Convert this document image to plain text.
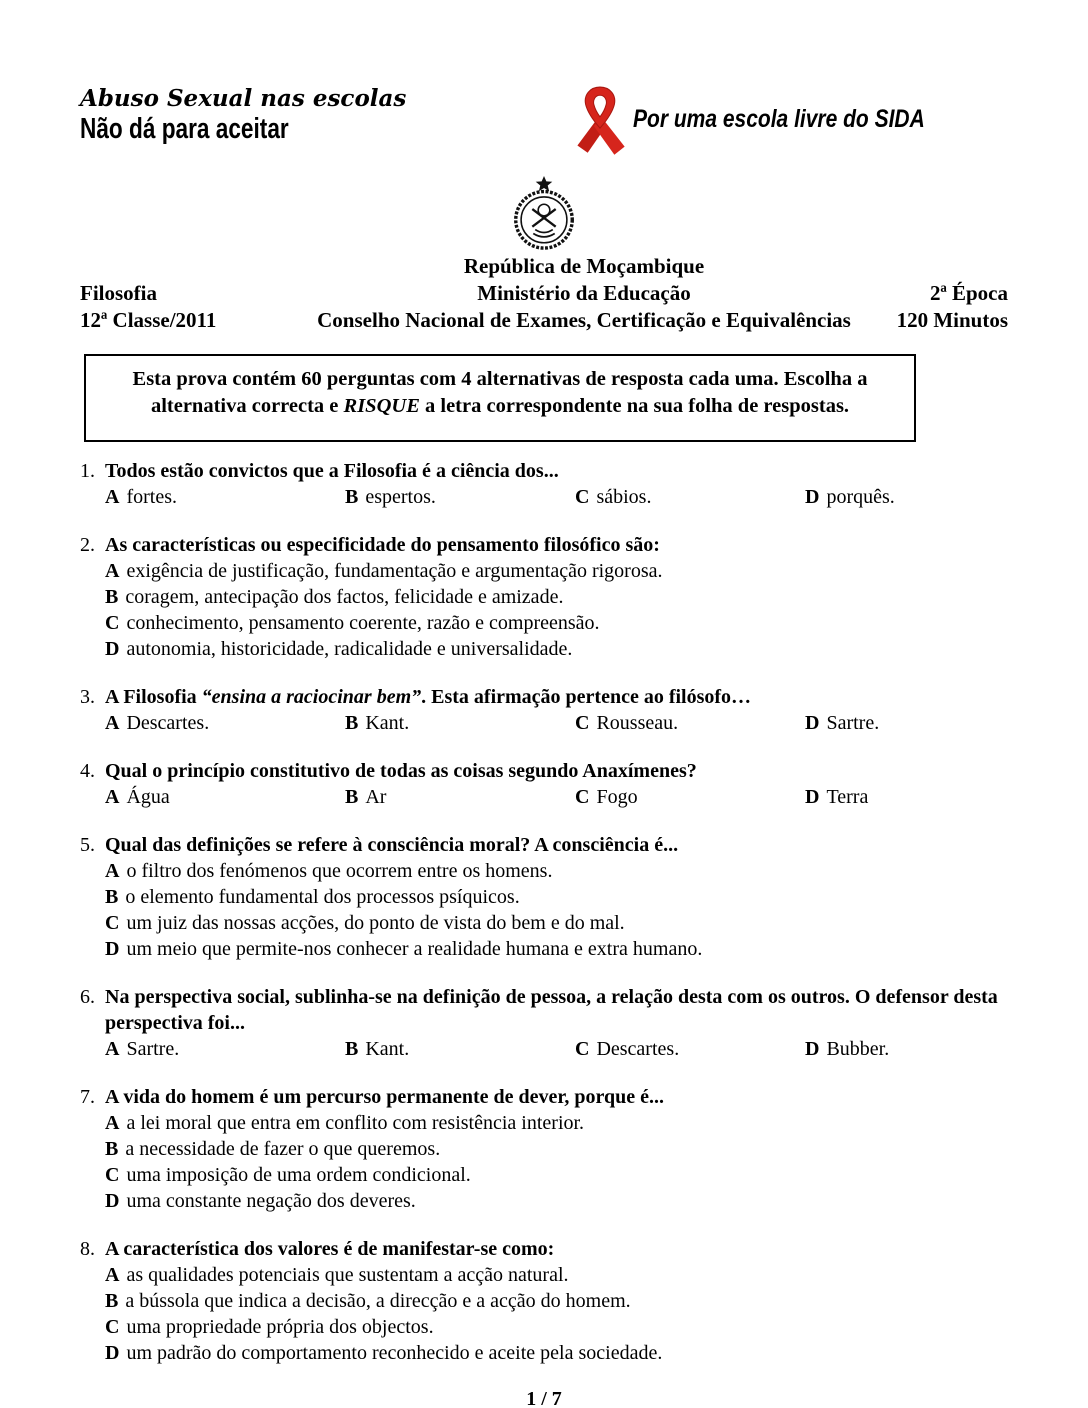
Abuso Sexual nas escolas
Não dá para aceitar	Por uma escola livre do SIDA
Filosofia
12ª Classe/2011
República de Moçambique
Ministério da Educação
Conselho Nacional de Exames, Certificação e Equivalências
2ª Época
120 Minutos
Esta prova contém 60 perguntas com 4 alternativas de resposta cada uma. Escolha a alternativa correcta e RISQUE a letra correspondente na sua folha de respostas.
1. Todos estão convictos que a Filosofia é a ciência dos...
A fortes.	B espertos.	C sábios.	D porquês.
2. As características ou especificidade do pensamento filosófico são:
A exigência de justificação, fundamentação e argumentação rigorosa.
B coragem, antecipação dos factos, felicidade e amizade.
C conhecimento, pensamento coerente, razão e compreensão.
D autonomia, historicidade, radicalidade e universalidade.
3. A Filosofia “ensina a raciocinar bem”. Esta afirmação pertence ao filósofo…
A Descartes.	B Kant.	C Rousseau.	D Sartre.
4. Qual o princípio constitutivo de todas as coisas segundo Anaxímenes?
A Água	B Ar	C Fogo	D Terra
5. Qual das definições se refere à consciência moral? A consciência é...
A o filtro dos fenómenos que ocorrem entre os homens.
B o elemento fundamental dos processos psíquicos.
C um juiz das nossas acções, do ponto de vista do bem e do mal.
D um meio que permite-nos conhecer a realidade humana e extra humano.
6. Na perspectiva social, sublinha-se na definição de pessoa, a relação desta com os outros. O defensor desta perspectiva foi...
A Sartre.	B Kant.	C Descartes.	D Bubber.
7. A vida do homem é um percurso permanente de dever, porque é...
A a lei moral que entra em conflito com resistência interior.
B a necessidade de fazer o que queremos.
C uma imposição de uma ordem condicional.
D uma constante negação dos deveres.
8. A característica dos valores é de manifestar-se como:
A as qualidades potenciais que sustentam a acção natural.
B a bússola que indica a decisão, a direcção e a acção do homem.
C uma propriedade própria dos objectos.
D um padrão do comportamento reconhecido e aceite pela sociedade.
1 / 7
